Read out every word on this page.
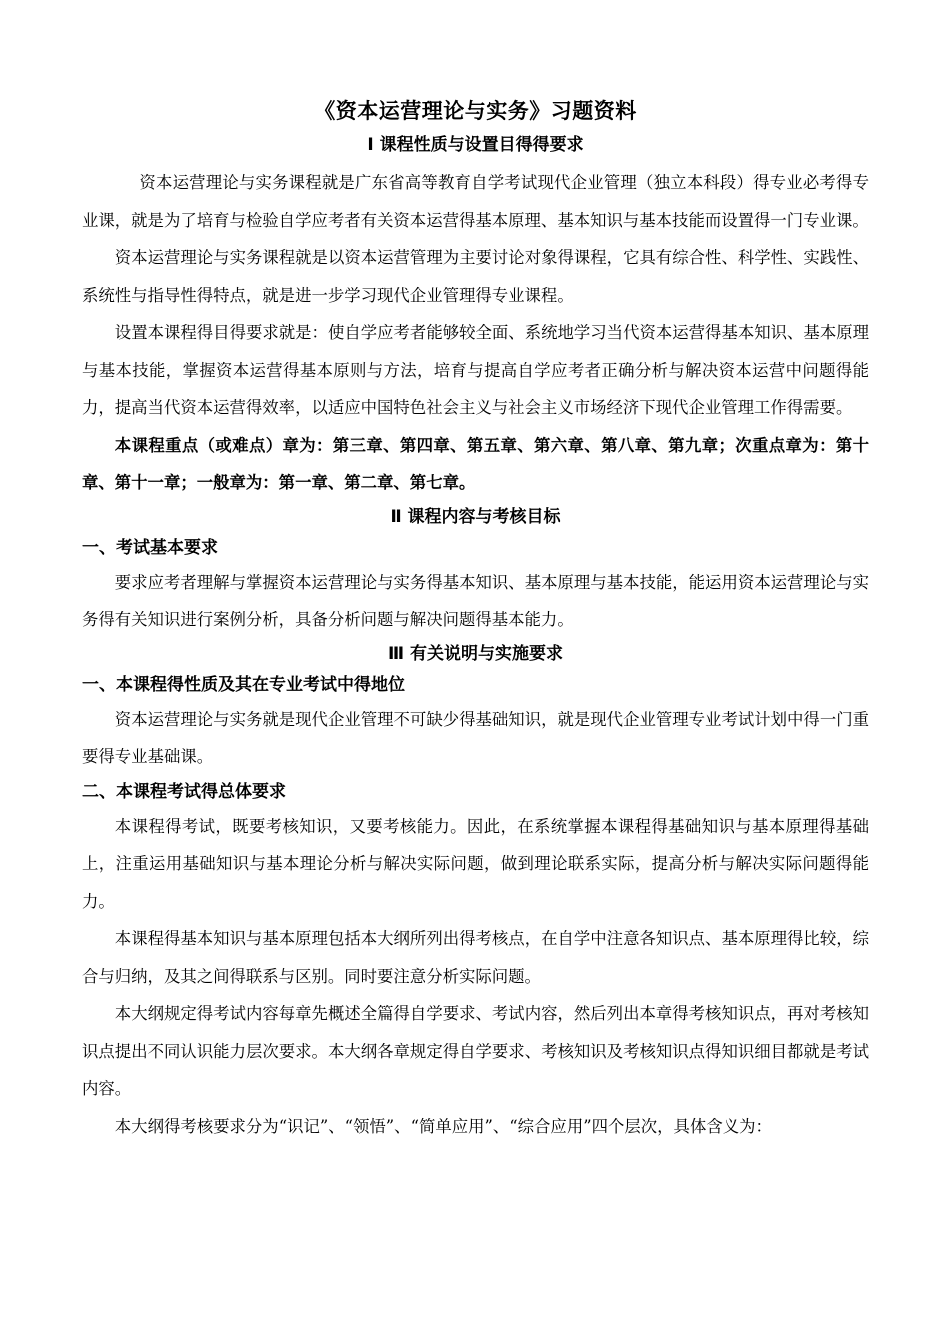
《资本运营理论与实务》习题资料
Ⅰ 课程性质与设置目得得要求

资本运营理论与实务课程就是广东省高等教育自学考试现代企业管理（独立本科段）得专业必考得专业课，就是为了培育与检验自学应考者有关资本运营得基本原理、基本知识与基本技能而设置得一门专业课。

资本运营理论与实务课程就是以资本运营管理为主要讨论对象得课程，它具有综合性、科学性、实践性、系统性与指导性得特点，就是进一步学习现代企业管理得专业课程。

设置本课程得目得要求就是：使自学应考者能够较全面、系统地学习当代资本运营得基本知识、基本原理与基本技能，掌握资本运营得基本原则与方法，培育与提高自学应考者正确分析与解决资本运营中问题得能力，提高当代资本运营得效率，以适应中国特色社会主义与社会主义市场经济下现代企业管理工作得需要。

本课程重点（或难点）章为：第三章、第四章、第五章、第六章、第八章、第九章；次重点章为：第十章、第十一章；一般章为：第一章、第二章、第七章。

Ⅱ 课程内容与考核目标
一、考试基本要求

要求应考者理解与掌握资本运营理论与实务得基本知识、基本原理与基本技能，能运用资本运营理论与实务得有关知识进行案例分析，具备分析问题与解决问题得基本能力。

Ⅲ 有关说明与实施要求
一、本课程得性质及其在专业考试中得地位

资本运营理论与实务就是现代企业管理不可缺少得基础知识，就是现代企业管理专业考试计划中得一门重要得专业基础课。

二、本课程考试得总体要求

本课程得考试，既要考核知识，又要考核能力。因此，在系统掌握本课程得基础知识与基本原理得基础上，注重运用基础知识与基本理论分析与解决实际问题，做到理论联系实际，提高分析与解决实际问题得能力。

本课程得基本知识与基本原理包括本大纲所列出得考核点，在自学中注意各知识点、基本原理得比较，综合与归纳，及其之间得联系与区别。同时要注意分析实际问题。

本大纲规定得考试内容每章先概述全篇得自学要求、考试内容，然后列出本章得考核知识点，再对考核知识点提出不同认识能力层次要求。本大纲各章规定得自学要求、考核知识及考核知识点得知识细目都就是考试内容。

本大纲得考核要求分为“识记”、“领悟”、“简单应用”、“综合应用”四个层次，具体含义为：
